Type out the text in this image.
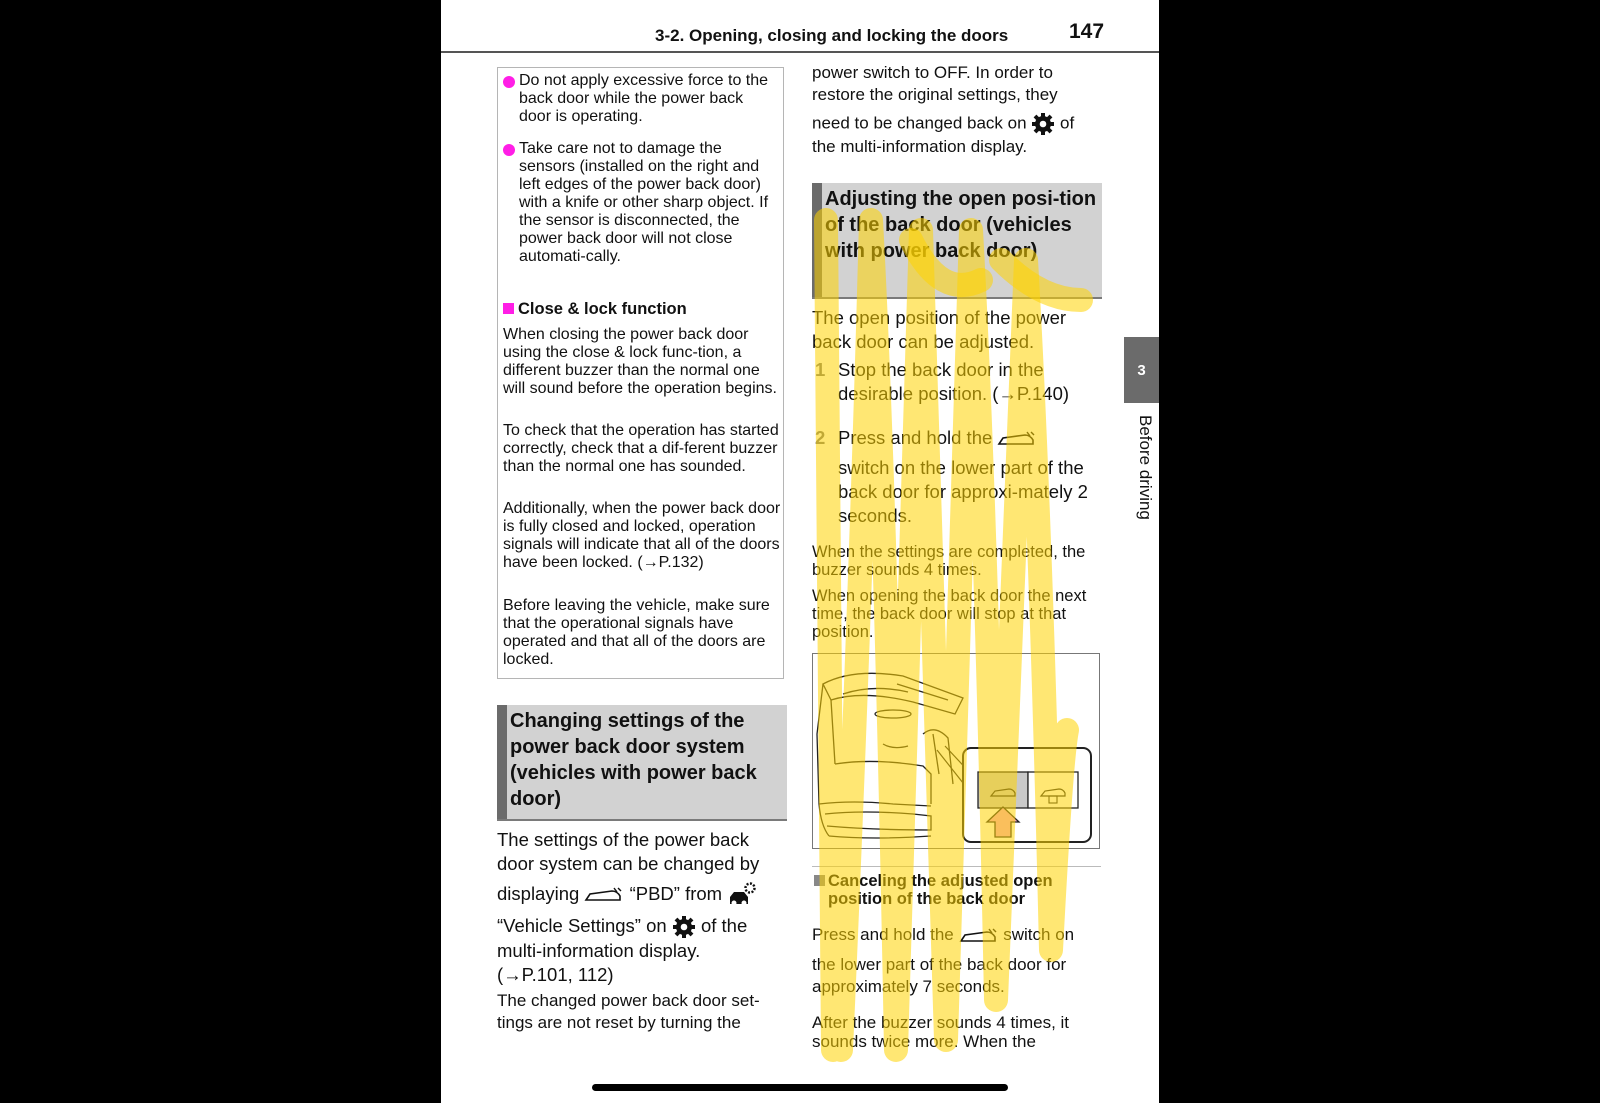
3-2. Opening, closing and locking the doors	147
3
Before driving
Do not apply excessive force to the back door while the power back door is operating.
Take care not to damage the sensors (installed on the right and left edges of the power back door) with a knife or other sharp object. If the sensor is disconnected, the power back door will not close automati-cally.
Close & lock function
When closing the power back door using the close & lock func-tion, a different buzzer than the normal one will sound before the operation begins.
To check that the operation has started correctly, check that a dif-ferent buzzer than the normal one has sounded.
Additionally, when the power back door is fully closed and locked, operation signals will indicate that all of the doors have been locked. (→P.132)
Before leaving the vehicle, make sure that the operational signals have operated and that all of the doors are locked.
Changing settings of the power back door system (vehicles with power back door)
The settings of the power back door system can be changed by
displaying	“PBD” from
“Vehicle Settings” on of the
multi-information display.
(→P.101, 112)
The changed power back door set-tings are not reset by turning the
power switch to OFF. In order to restore the original settings, they
need to be changed back on of
the multi-information display.
Adjusting the open posi-tion of the back door (vehicles with power back door)
The open position of the power back door can be adjusted.
1 Stop the back door in the desirable position. (→P.140)
2 Press and hold the
switch on the lower part of the back door for approxi-mately 2 seconds.
When the settings are completed, the buzzer sounds 4 times.
When opening the back door the next time, the back door will stop at that position.
Canceling the adjusted open position of the back door
Press and hold the	switch on
the lower part of the back door for approximately 7 seconds.
After the buzzer sounds 4 times, it sounds twice more. When the
